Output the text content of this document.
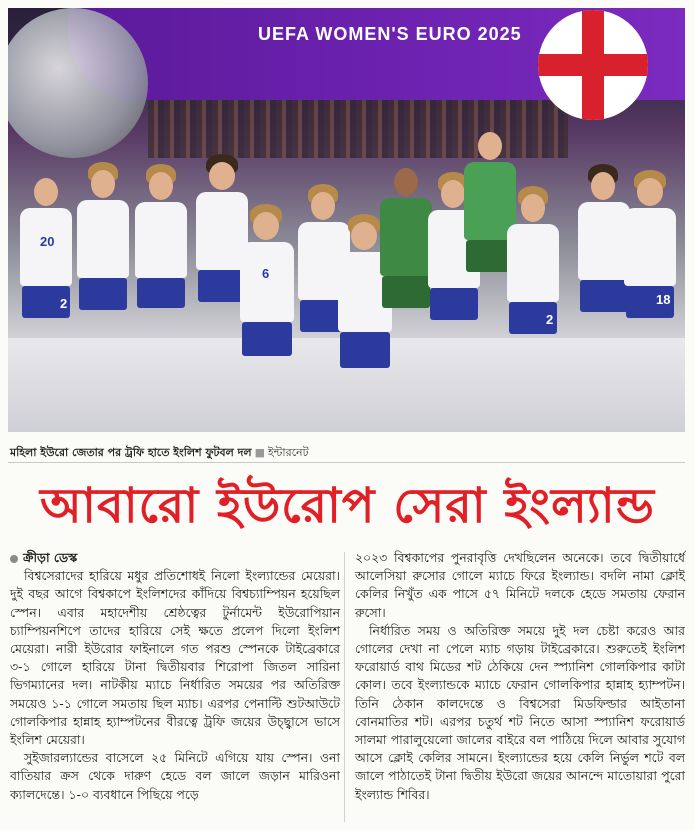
UEFA WOMEN'S EURO 2025
20
6
2
18
2
মহিলা ইউরো জেতার পর ট্রফি হাতে ইংলিশ ফুটবল দল ■ ইন্টারনেট
আবারো ইউরোপ সেরা ইংল্যান্ড
ক্রীড়া ডেস্ক

বিশ্বসেরাদের হারিয়ে মধুর প্রতিশোধই নিলো ইংল্যান্ডের মেয়েরা। দুই বছর আগে বিশ্বকাপে ইংলিশদের কাঁদিয়ে বিশ্বচ্যাম্পিয়ন হয়েছিল স্পেন। এবার মহাদেশীয় শ্রেষ্ঠত্বের টুর্নামেন্ট ইউরোপিয়ান চ্যাম্পিয়নশিপে তাদের হারিয়ে সেই ক্ষতে প্রলেপ দিলো ইংলিশ মেয়েরা। নারী ইউরোর ফাইনালে গত পরশু স্পেনকে টাইব্রেকারে ৩-১ গোলে হারিয়ে টানা দ্বিতীয়বার শিরোপা জিতল সারিনা ভিগম্যানের দল। নাটকীয় ম্যাচে নির্ধারিত সময়ের পর অতিরিক্ত সময়েও ১-১ গোলে সমতায় ছিল ম্যাচ। এরপর পেনাল্টি শুটআউটে গোলকিপার হান্নাহ হ্যাম্পটনের বীরত্বে ট্রফি জয়ের উচ্ছ্বাসে ভাসে ইংলিশ মেয়েরা।

সুইজারল্যান্ডের বাসেলে ২৫ মিনিটে এগিয়ে যায় স্পেন। ওনা বাতিয়ার ক্রস থেকে দারুণ হেডে বল জালে জড়ান মারিওনা ক্যালদেন্তে। ১-০ ব্যবধানে পিছিয়ে পড়ে

২০২৩ বিশ্বকাপের পুনরাবৃত্তি দেখছিলেন অনেকে। তবে দ্বিতীয়ার্ধে আলেসিয়া রুসোর গোলে ম্যাচে ফিরে ইংল্যান্ড। বদলি নামা ক্লোই কেলির নিখুঁত এক পাসে ৫৭ মিনিটে দলকে হেডে সমতায় ফেরান রুসো।

নির্ধারিত সময় ও অতিরিক্ত সময়ে দুই দল চেষ্টা করেও আর গোলের দেখা না পেলে ম্যাচ গড়ায় টাইব্রেকারে। শুরুতেই ইংলিশ ফরোয়ার্ড বাথ মিডের শট ঠেকিয়ে দেন স্প্যানিশ গোলকিপার কাটা কোল। তবে ইংল্যান্ডকে ম্যাচে ফেরান গোলকিপার হান্নাহ হ্যাম্পটন। তিনি ঠেকান কালদেন্তে ও বিশ্বসেরা মিডফিল্ডার আইতানা বোনমাতির শট। এরপর চতুর্থ শট নিতে আসা স্প্যানিশ ফরোয়ার্ড সালমা পারালুয়েলো জালের বাইরে বল পাঠিয়ে দিলে আবার সুযোগ আসে ক্লোই কেলির সামনে। ইংল্যান্ডের হয়ে কেলি নির্ভুল শটে বল জালে পাঠাতেই টানা দ্বিতীয় ইউরো জয়ের আনন্দে মাতোয়ারা পুরো ইংল্যান্ড শিবির।
